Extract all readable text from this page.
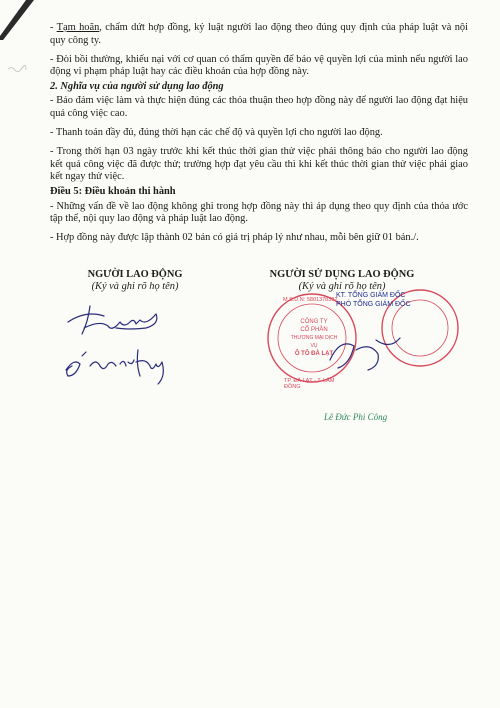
- Tạm hoãn, chấm dứt hợp đồng, kỷ luật người lao động theo đúng quy định của pháp luật và nội quy công ty.

- Đòi bồi thường, khiếu nại với cơ quan có thẩm quyền để bảo vệ quyền lợi của mình nếu người lao động vi phạm pháp luật hay các điều khoản của hợp đồng này.

2. Nghĩa vụ của người sử dụng lao động

- Bảo đảm việc làm và thực hiện đúng các thỏa thuận theo hợp đồng này để người lao động đạt hiệu quả công việc cao.

- Thanh toán đầy đủ, đúng thời hạn các chế độ và quyền lợi cho người lao động.

- Trong thời hạn 03 ngày trước khi kết thúc thời gian thử việc phải thông báo cho người lao động kết quả công việc đã được thử; trường hợp đạt yêu cầu thì khi kết thúc thời gian thử việc phải giao kết ngay thử việc.

Điều 5: Điều khoản thi hành

- Những vấn đề về lao động không ghi trong hợp đồng này thì áp dụng theo quy định của thỏa ước tập thể, nội quy lao động và pháp luật lao động.

- Hợp đồng này được lập thành 02 bản có giá trị pháp lý như nhau, mỗi bên giữ 01 bản./.

NGƯỜI LAO ĐỘNG
(Ký và ghi rõ họ tên)
NGƯỜI SỬ DỤNG LAO ĐỘNG
(Ký và ghi rõ họ tên)
M.S.D.N: 5801378392
CÔNG TY
CỔ PHẦN
THƯƠNG MẠI DỊCH VỤ
Ô TÔ ĐÀ LẠT
TP. ĐÀ LẠT - T. LÂM ĐỒNG
KT. TỔNG GIÁM ĐỐC
PHÓ TỔNG GIÁM ĐỐC
Lê Đức Phi Công
